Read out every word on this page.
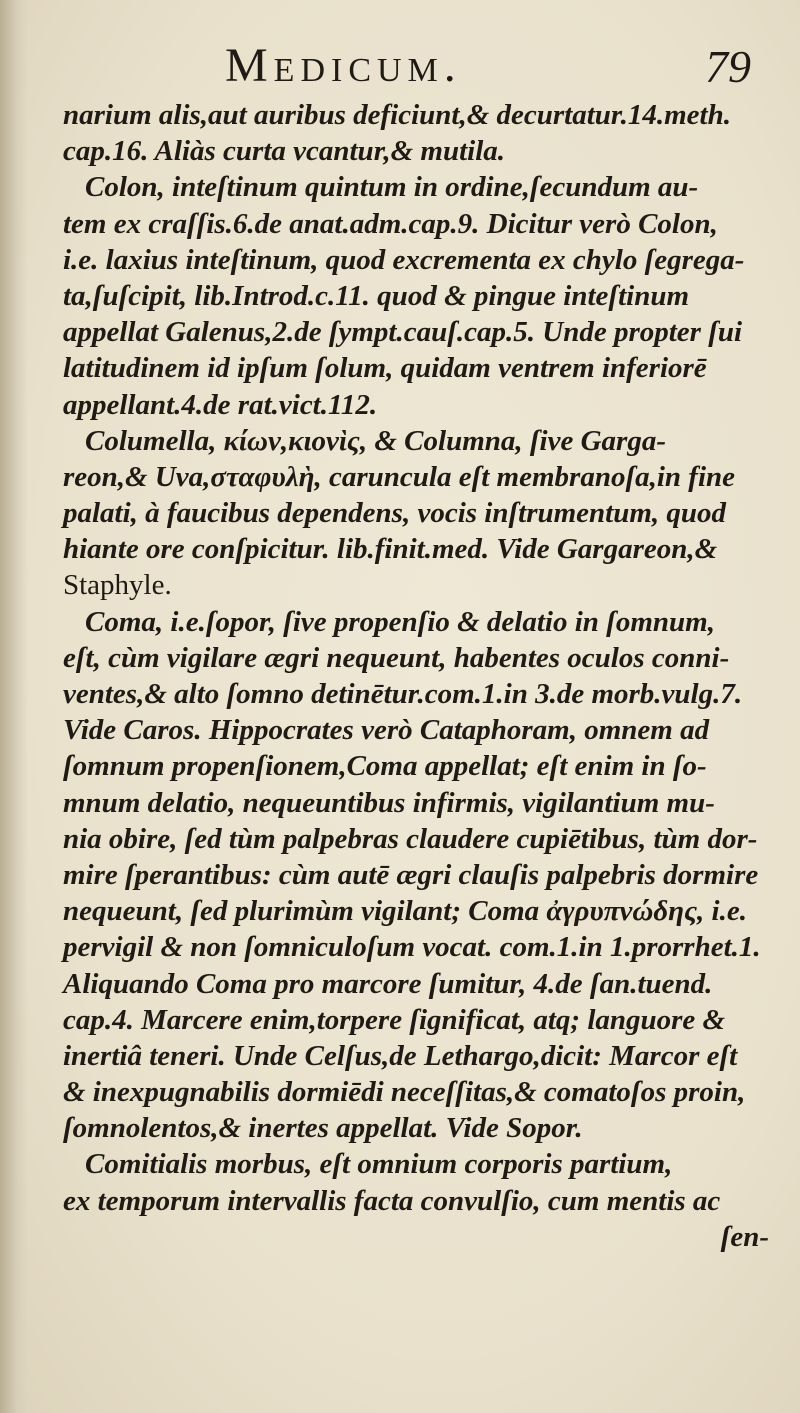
Medicum.	79
narium alis,aut auribus deficiunt,& decurtatur.14.meth.
cap.16. Aliàs curta vcantur,& mutila.
Colon, inteſtinum quintum in ordine,ſecundum au-
tem ex craſſis.6.de anat.adm.cap.9. Dicitur verò Colon,
i.e. laxius inteſtinum, quod excrementa ex chylo ſegrega-
ta,ſuſcipit, lib.Introd.c.11. quod & pingue inteſtinum
appellat Galenus,2.de ſympt.cauſ.cap.5. Unde propter ſui
latitudinem id ipſum ſolum, quidam ventrem inferiorē
appellant.4.de rat.vict.112.
Columella, κίων,κιονὶς, & Columna, ſive Garga-
reon,& Uva,σταφυλὴ, caruncula eſt membranoſa,in fine
palati, à faucibus dependens, vocis inſtrumentum, quod
hiante ore conſpicitur. lib.finit.med. Vide Gargareon,&
Staphyle.
Coma, i.e.ſopor, ſive propenſio & delatio in ſomnum,
eſt, cùm vigilare ægri nequeunt, habentes oculos conni-
ventes,& alto ſomno detinētur.com.1.in 3.de morb.vulg.7.
Vide Caros. Hippocrates verò Cataphoram, omnem ad
ſomnum propenſionem,Coma appellat; eſt enim in ſo-
mnum delatio, nequeuntibus infirmis, vigilantium mu-
nia obire, ſed tùm palpebras claudere cupiētibus, tùm dor-
mire ſperantibus: cùm autē ægri clauſis palpebris dormire
nequeunt, ſed plurimùm vigilant; Coma ἀγρυπνώδης, i.e.
pervigil & non ſomniculoſum vocat. com.1.in 1.prorrhet.1.
Aliquando Coma pro marcore ſumitur, 4.de ſan.tuend.
cap.4. Marcere enim,torpere ſignificat, atq; languore &
inertiâ teneri. Unde Celſus,de Lethargo,dicit: Marcor eſt
& inexpugnabilis dormiēdi neceſſitas,& comatoſos proin,
ſomnolentos,& inertes appellat. Vide Sopor.
Comitialis morbus, eſt omnium corporis partium,
ex temporum intervallis facta convulſio, cum mentis ac
ſen-
